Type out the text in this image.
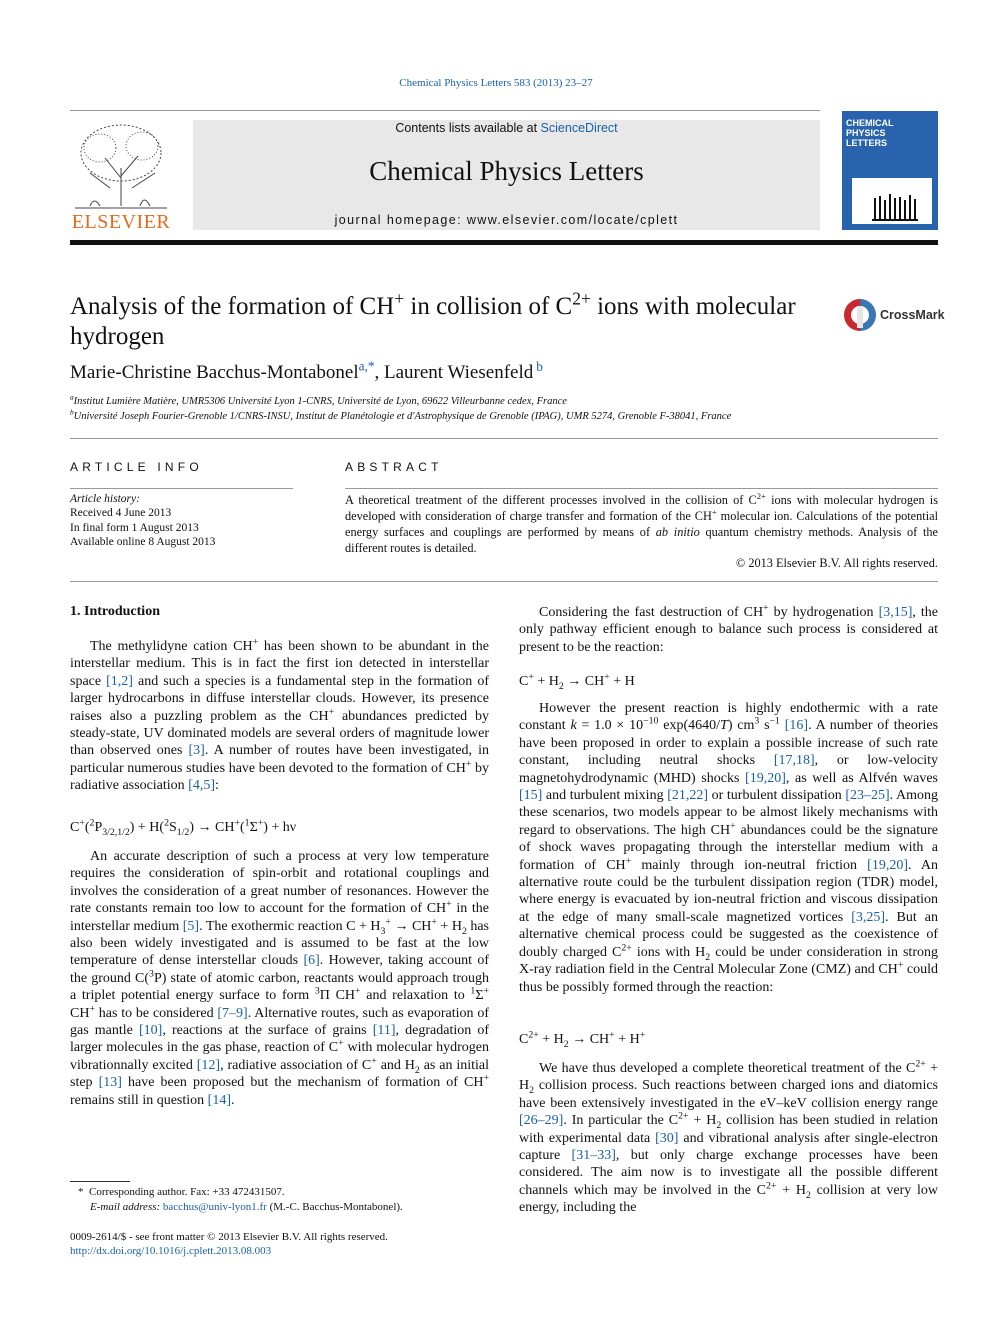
Chemical Physics Letters 583 (2013) 23–27
ELSEVIER
Contents lists available at ScienceDirect
Chemical Physics Letters
journal homepage: www.elsevier.com/locate/cplett
CHEMICAL
PHYSICS
LETTERS
Analysis of the formation of CH+ in collision of $C^{2+}$ ions with molecular
hydrogen
CrossMark
Marie-Christine Bacchus-Montabonel$^{a,*}$, Laurent Wiesenfeld $^b$
$^a$Institut Lumière Matière, UMR5306 Université Lyon 1-CNRS, Université de Lyon, 69622 Villeurbanne cedex, France
$^b$Université Joseph Fourier-Grenoble 1/CNRS-INSU, Institut de Planétologie et d'Astrophysique de Grenoble (IPAG), UMR 5274, Grenoble F-38041, France
ARTICLE INFO
Article history:
Received 4 June 2013
In final form 1 August 2013
Available online 8 August 2013
ABSTRACT
A theoretical treatment of the different processes involved in the collision of $C^{2+}$ ions with molecular hydrogen is developed with consideration of charge transfer and formation of the CH+ molecular ion. Calculations of the potential energy surfaces and couplings are performed by means of ab initio quantum chemistry methods. Analysis of the different routes is detailed.
© 2013 Elsevier B.V. All rights reserved.
1. Introduction

The methylidyne cation CH+ has been shown to be abundant in the interstellar medium. This is in fact the first ion detected in interstellar space [1,2] and such a species is a fundamental step in the formation of larger hydrocarbons in diffuse interstellar clouds. However, its presence raises also a puzzling problem as the CH+ abundances predicted by steady-state, UV dominated models are several orders of magnitude lower than observed ones [3]. A number of routes have been investigated, in particular numerous studies have been devoted to the formation of CH+ by radiative association [4,5]:

$C^+(^2P_{3/2,1/2}) + H(^2S_{1/2}) \to CH^+(^1\Sigma^+) + h\nu$

An accurate description of such a process at very low temperature requires the consideration of spin-orbit and rotational couplings and involves the consideration of a great number of resonances. However the rate constants remain too low to account for the formation of CH+ in the interstellar medium [5]. The exothermic reaction $C + H_3^+ \to CH^+ + H_2$ has also been widely investigated and is assumed to be fast at the low temperature of dense interstellar clouds [6]. However, taking account of the ground C($^3$P) state of atomic carbon, reactants would approach trough a triplet potential energy surface to form $^3$Π CH+ and relaxation to $^1$Σ+ CH+ has to be considered [7–9]. Alternative routes, such as evaporation of gas mantle [10], reactions at the surface of grains [11], degradation of larger molecules in the gas phase, reaction of C+ with molecular hydrogen vibrationnally excited [12], radiative association of C+ and $H_2$ as an initial step [13] have been proposed but the mechanism of formation of CH+ remains still in question [14].

* Corresponding author. Fax: +33 472431507.
E-mail address: bacchus@univ-lyon1.fr (M.-C. Bacchus-Montabonel).
0009-2614/$ - see front matter © 2013 Elsevier B.V. All rights reserved.
http://dx.doi.org/10.1016/j.cplett.2013.08.003

Considering the fast destruction of CH+ by hydrogenation [3,15], the only pathway efficient enough to balance such process is considered at present to be the reaction:

$C^+ + H_2 \to CH^+ + H$

However the present reaction is highly endothermic with a rate constant $k = 1.0 \times 10^{-10}$ exp(4640/T) $cm^3$ $s^{-1}$ [16]. A number of theories have been proposed in order to explain a possible increase of such rate constant, including neutral shocks [17,18], or low-velocity magnetohydrodynamic (MHD) shocks [19,20], as well as Alfvén waves [15] and turbulent mixing [21,22] or turbulent dissipation [23–25]. Among these scenarios, two models appear to be almost likely mechanisms with regard to observations. The high CH+ abundances could be the signature of shock waves propagating through the interstellar medium with a formation of CH+ mainly through ion-neutral friction [19,20]. An alternative route could be the turbulent dissipation region (TDR) model, where energy is evacuated by ion-neutral friction and viscous dissipation at the edge of many small-scale magnetized vortices [3,25]. But an alternative chemical process could be suggested as the coexistence of doubly charged $C^{2+}$ ions with $H_2$ could be under consideration in strong X-ray radiation field in the Central Molecular Zone (CMZ) and CH+ could thus be possibly formed through the reaction:

$C^{2+} + H_2 \to CH^+ + H^+$

We have thus developed a complete theoretical treatment of the $C^{2+} + H_2$ collision process. Such reactions between charged ions and diatomics have been extensively investigated in the eV–keV collision energy range [26–29]. In particular the $C^{2+} + H_2$ collision has been studied in relation with experimental data [30] and vibrational analysis after single-electron capture [31–33], but only charge exchange processes have been considered. The aim now is to investigate all the possible different channels which may be involved in the $C^{2+} + H_2$ collision at very low energy, including the
